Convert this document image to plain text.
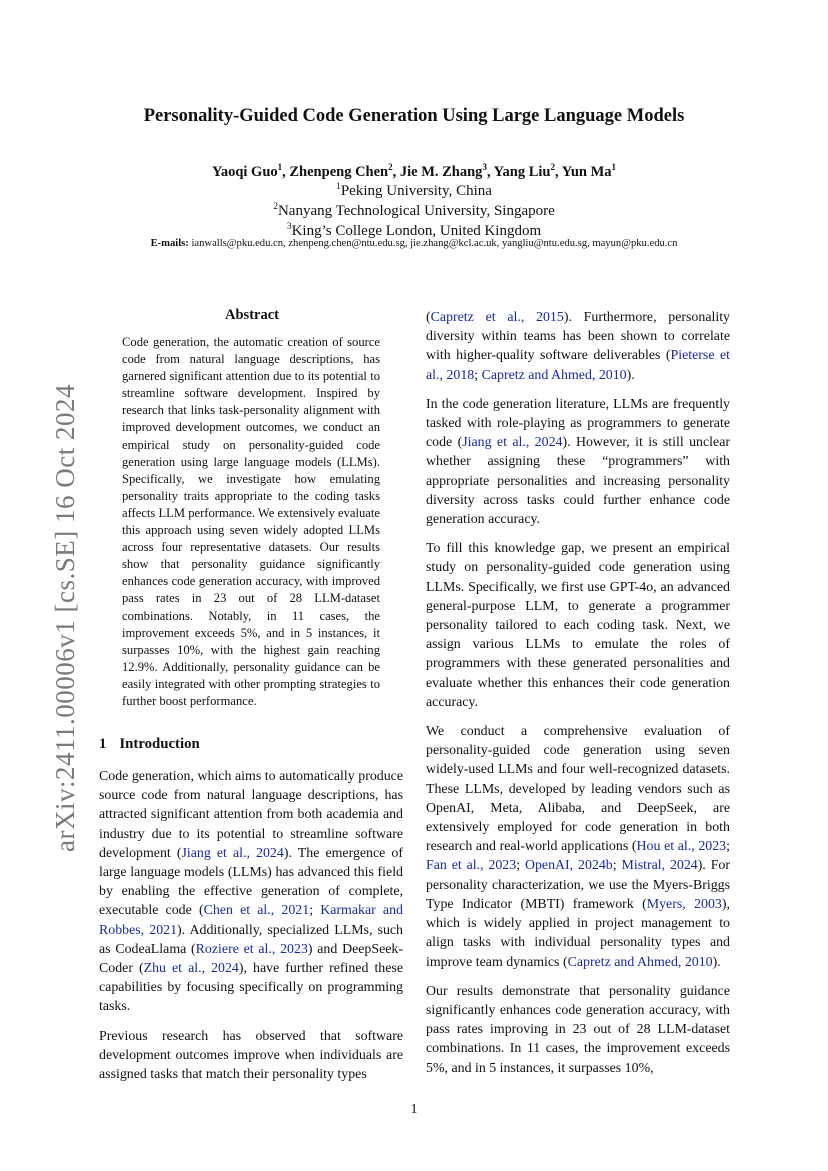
arXiv:2411.00006v1 [cs.SE] 16 Oct 2024
Personality-Guided Code Generation Using Large Language Models
Yaoqi Guo$^1$, Zhenpeng Chen$^2$, Jie M. Zhang$^3$, Yang Liu$^2$, Yun Ma$^1$
$^1$Peking University, China
$^2$Nanyang Technological University, Singapore
$^3$King’s College London, United Kingdom
E-mails: ianwalls@pku.edu.cn, zhenpeng.chen@ntu.edu.sg, jie.zhang@kcl.ac.uk, yangliu@ntu.edu.sg, mayun@pku.edu.cn
Abstract
Code generation, the automatic creation of source code from natural language descriptions, has garnered significant attention due to its potential to streamline software development. Inspired by research that links task-personality alignment with improved development outcomes, we conduct an empirical study on personality-guided code generation using large language models (LLMs). Specifically, we investigate how emulating personality traits appropriate to the coding tasks affects LLM performance. We extensively evaluate this approach using seven widely adopted LLMs across four representative datasets. Our results show that personality guidance significantly enhances code generation accuracy, with improved pass rates in 23 out of 28 LLM-dataset combinations. Notably, in 11 cases, the improvement exceeds 5%, and in 5 instances, it surpasses 10%, with the highest gain reaching 12.9%. Additionally, personality guidance can be easily integrated with other prompting strategies to further boost performance.
1 Introduction

Code generation, which aims to automatically produce source code from natural language descriptions, has attracted significant attention from both academia and industry due to its potential to streamline software development (Jiang et al., 2024). The emergence of large language models (LLMs) has advanced this field by enabling the effective generation of complete, executable code (Chen et al., 2021; Karmakar and Robbes, 2021). Additionally, specialized LLMs, such as CodeaLlama (Roziere et al., 2023) and DeepSeek-Coder (Zhu et al., 2024), have further refined these capabilities by focusing specifically on programming tasks.

Previous research has observed that software development outcomes improve when individuals are assigned tasks that match their personality types

(Capretz et al., 2015). Furthermore, personality diversity within teams has been shown to correlate with higher-quality software deliverables (Pieterse et al., 2018; Capretz and Ahmed, 2010).

In the code generation literature, LLMs are frequently tasked with role-playing as programmers to generate code (Jiang et al., 2024). However, it is still unclear whether assigning these “programmers” with appropriate personalities and increasing personality diversity across tasks could further enhance code generation accuracy.

To fill this knowledge gap, we present an empirical study on personality-guided code generation using LLMs. Specifically, we first use GPT-4o, an advanced general-purpose LLM, to generate a programmer personality tailored to each coding task. Next, we assign various LLMs to emulate the roles of programmers with these generated personalities and evaluate whether this enhances their code generation accuracy.

We conduct a comprehensive evaluation of personality-guided code generation using seven widely-used LLMs and four well-recognized datasets. These LLMs, developed by leading vendors such as OpenAI, Meta, Alibaba, and DeepSeek, are extensively employed for code generation in both research and real-world applications (Hou et al., 2023; Fan et al., 2023; OpenAI, 2024b; Mistral, 2024). For personality characterization, we use the Myers-Briggs Type Indicator (MBTI) framework (Myers, 2003), which is widely applied in project management to align tasks with individual personality types and improve team dynamics (Capretz and Ahmed, 2010).

Our results demonstrate that personality guidance significantly enhances code generation accuracy, with pass rates improving in 23 out of 28 LLM-dataset combinations. In 11 cases, the improvement exceeds 5%, and in 5 instances, it surpasses 10%,

1
